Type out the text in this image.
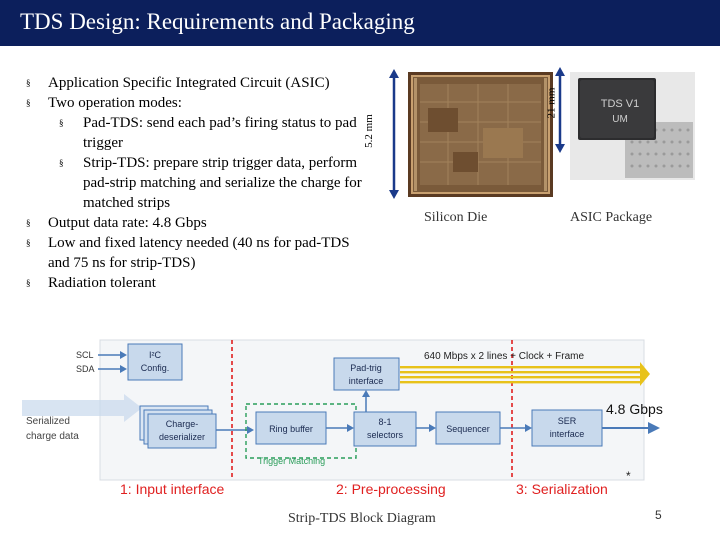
TDS Design: Requirements and Packaging
§ Application Specific Integrated Circuit (ASIC)
§ Two operation modes:
§ Pad-TDS: send each pad’s firing status to pad trigger
§ Strip-TDS: prepare strip trigger data, perform pad-strip matching and serialize the charge for matched strips
§ Output data rate: 4.8 Gbps
§ Low and fixed latency needed (40 ns for pad-TDS and 75 ns for strip-TDS)
§ Radiation tolerant
5.2 mm
21 mm	TDS V1
UM
Silicon Die	ASIC Package
SCL
SDA
I²C
Config.	Pad-trig
interface
640 Mbps x 2 lines + Clock + Frame
Serialized
charge data
Charge-
deserializer
Trigger Matching
Ring buffer
8-1
selectors
Sequencer
SER
interface
4.8 Gbps
1: Input interface	2: Pre-processing	3: Serialization
*
Strip-TDS Block Diagram	5
